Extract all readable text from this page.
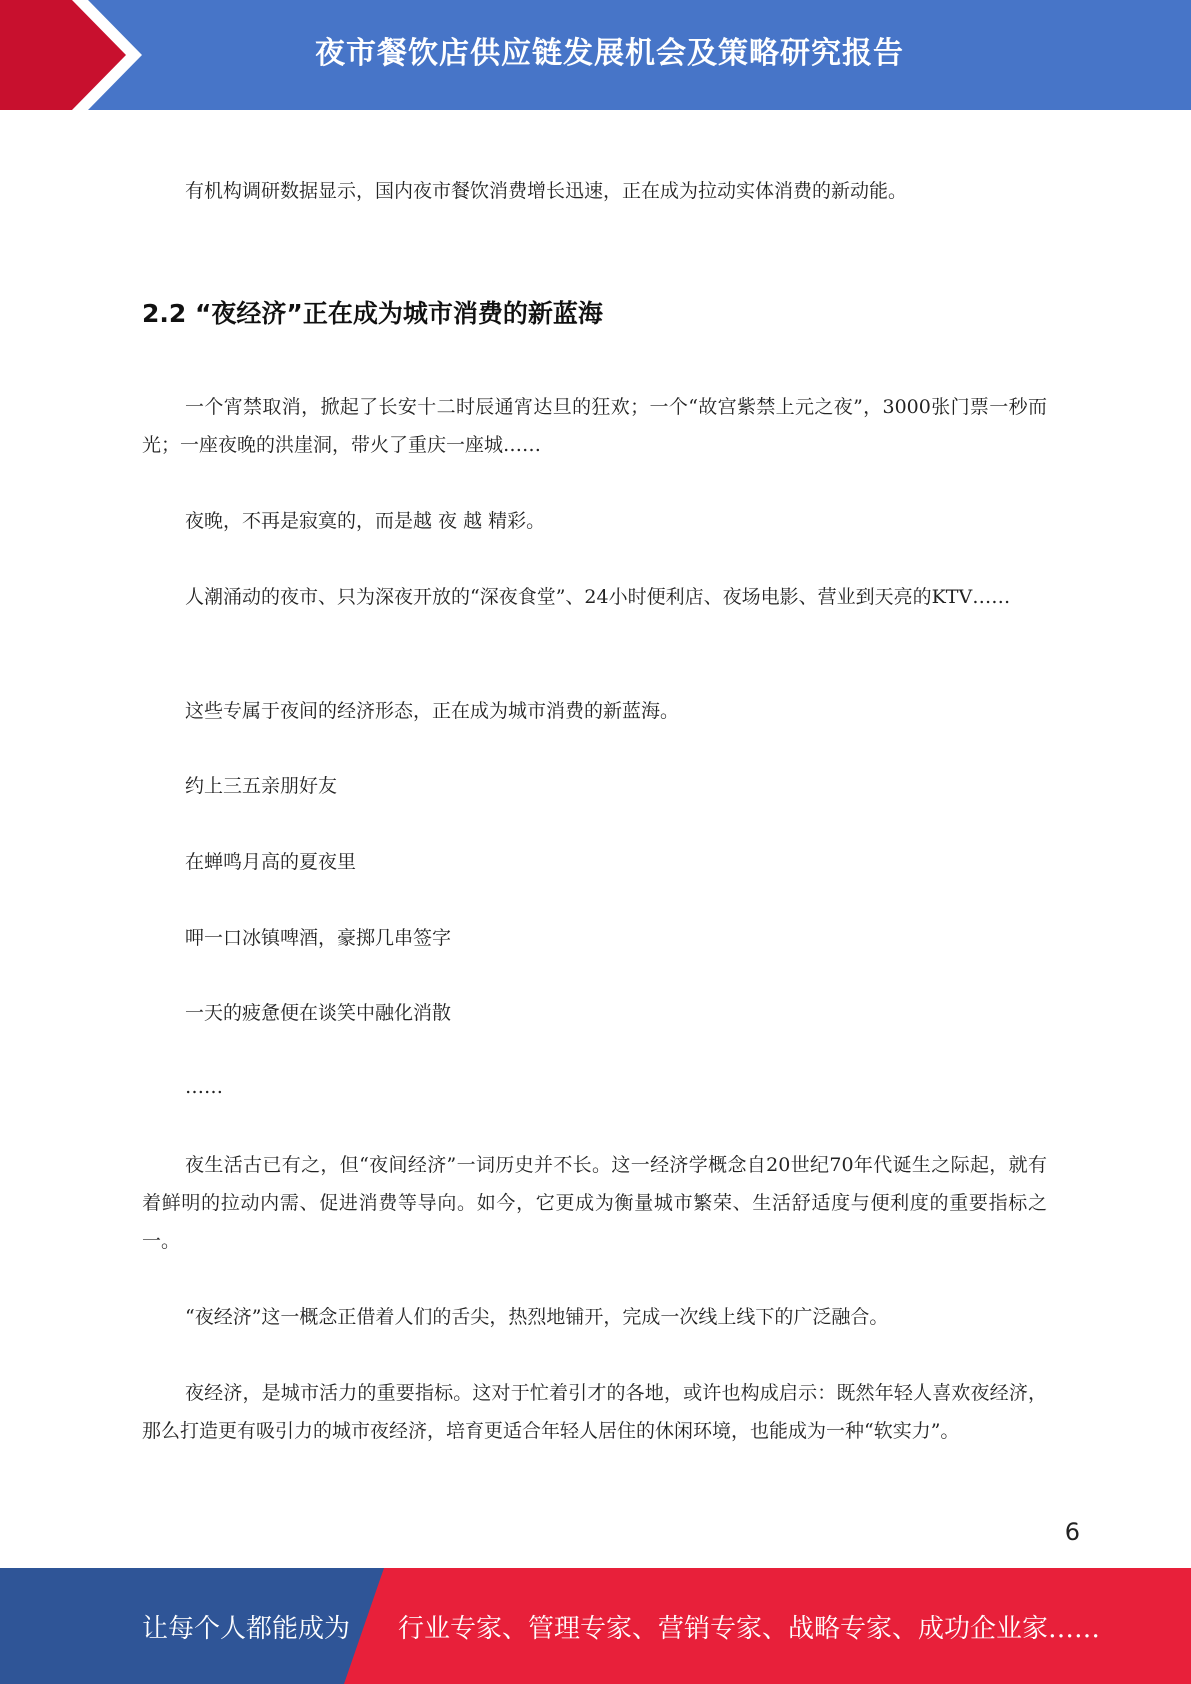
夜市餐饮店供应链发展机会及策略研究报告

有机构调研数据显示，国内夜市餐饮消费增长迅速，正在成为拉动实体消费的新动能。

2.2 “夜经济”正在成为城市消费的新蓝海

一个宵禁取消，掀起了长安十二时辰通宵达旦的狂欢；一个“故宫紫禁上元之夜”，3000张门票一秒而光；一座夜晚的洪崖洞，带火了重庆一座城……

夜晚，不再是寂寞的，而是越 夜 越 精彩。

人潮涌动的夜市、只为深夜开放的“深夜食堂”、24小时便利店、夜场电影、营业到天亮的KTV……

这些专属于夜间的经济形态，正在成为城市消费的新蓝海。

约上三五亲朋好友

在蝉鸣月高的夏夜里

呷一口冰镇啤酒，豪掷几串签字

一天的疲惫便在谈笑中融化消散

……

夜生活古已有之，但“夜间经济”一词历史并不长。这一经济学概念自20世纪70年代诞生之际起，就有着鲜明的拉动内需、促进消费等导向。如今，它更成为衡量城市繁荣、生活舒适度与便利度的重要指标之一。

“夜经济”这一概念正借着人们的舌尖，热烈地铺开，完成一次线上线下的广泛融合。

夜经济，是城市活力的重要指标。这对于忙着引才的各地，或许也构成启示：既然年轻人喜欢夜经济，那么打造更有吸引力的城市夜经济，培育更适合年轻人居住的休闲环境，也能成为一种“软实力”。

6
让每个人都能成为 行业专家、管理专家、营销专家、战略专家、成功企业家……
